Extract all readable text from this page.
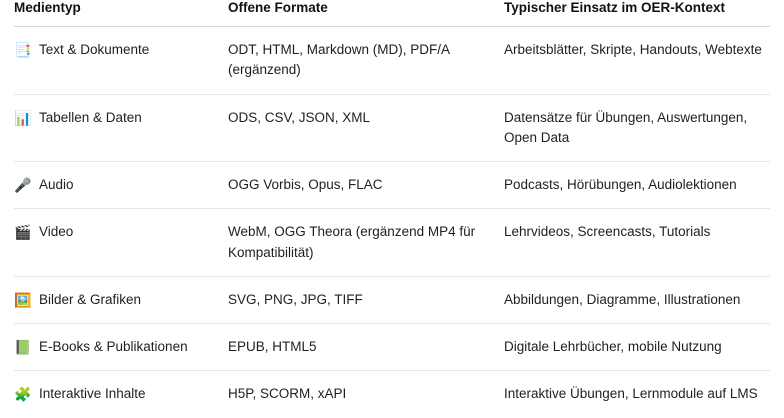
Medientyp	Offene Formate	Typischer Einsatz im OER-Kontext

📑 Text & Dokumente	ODT, HTML, Markdown (MD), PDF/A (ergänzend)	Arbeitsblätter, Skripte, Handouts, Webtexte

📊 Tabellen & Daten	ODS, CSV, JSON, XML	Datensätze für Übungen, Auswertungen, Open Data

🎤 Audio	OGG Vorbis, Opus, FLAC	Podcasts, Hörübungen, Audiolektionen

🎬 Video	WebM, OGG Theora (ergänzend MP4 für Kompatibilität)	Lehrvideos, Screencasts, Tutorials

🖼️ Bilder & Grafiken	SVG, PNG, JPG, TIFF	Abbildungen, Diagramme, Illustrationen

📗 E-Books & Publikationen	EPUB, HTML5	Digitale Lehrbücher, mobile Nutzung

🧩 Interaktive Inhalte	H5P, SCORM, xAPI	Interaktive Übungen, Lernmodule auf LMS
